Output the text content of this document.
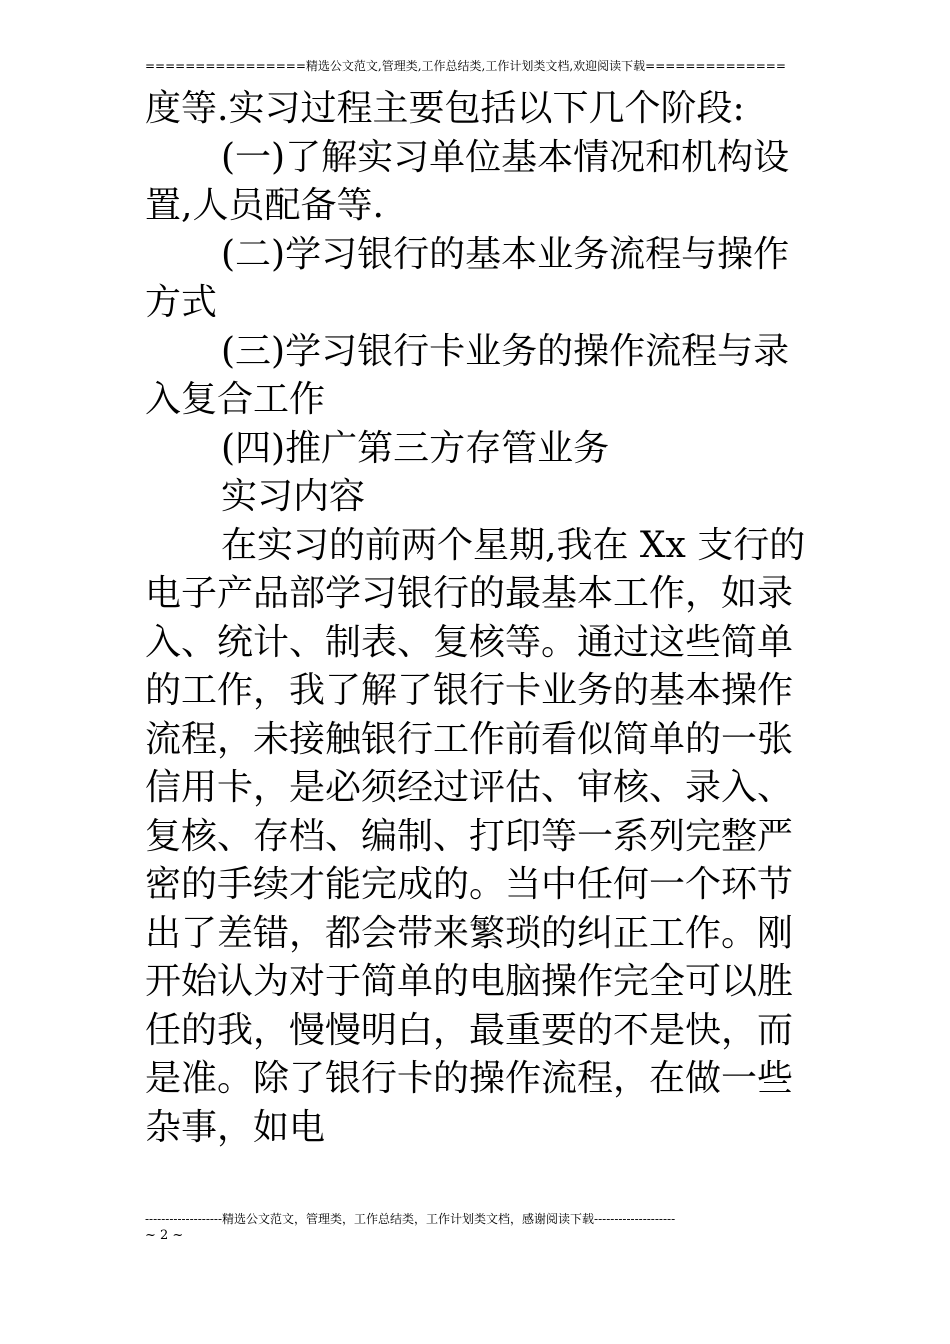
================精选公文范文,管理类,工作总结类,工作计划类文档,欢迎阅读下载==============

度等.实习过程主要包括以下几个阶段:

(一)了解实习单位基本情况和机构设置,人员配备等.

(二)学习银行的基本业务流程与操作方式

(三)学习银行卡业务的操作流程与录入复合工作

(四)推广第三方存管业务

实习内容

在实习的前两个星期,我在 Xx 支行的电子产品部学习银行的最基本工作，如录入、统计、制表、复核等。通过这些简单的工作，我了解了银行卡业务的基本操作流程，未接触银行工作前看似简单的一张信用卡，是必须经过评估、审核、录入、复核、存档、编制、打印等一系列完整严密的手续才能完成的。当中任何一个环节出了差错，都会带来繁琐的纠正工作。刚开始认为对于简单的电脑操作完全可以胜任的我，慢慢明白，最重要的不是快，而是准。除了银行卡的操作流程，在做一些杂事，如电

-------------------精选公文范文，管理类，工作总结类，工作计划类文档，感谢阅读下载--------------------
~ 2 ~
